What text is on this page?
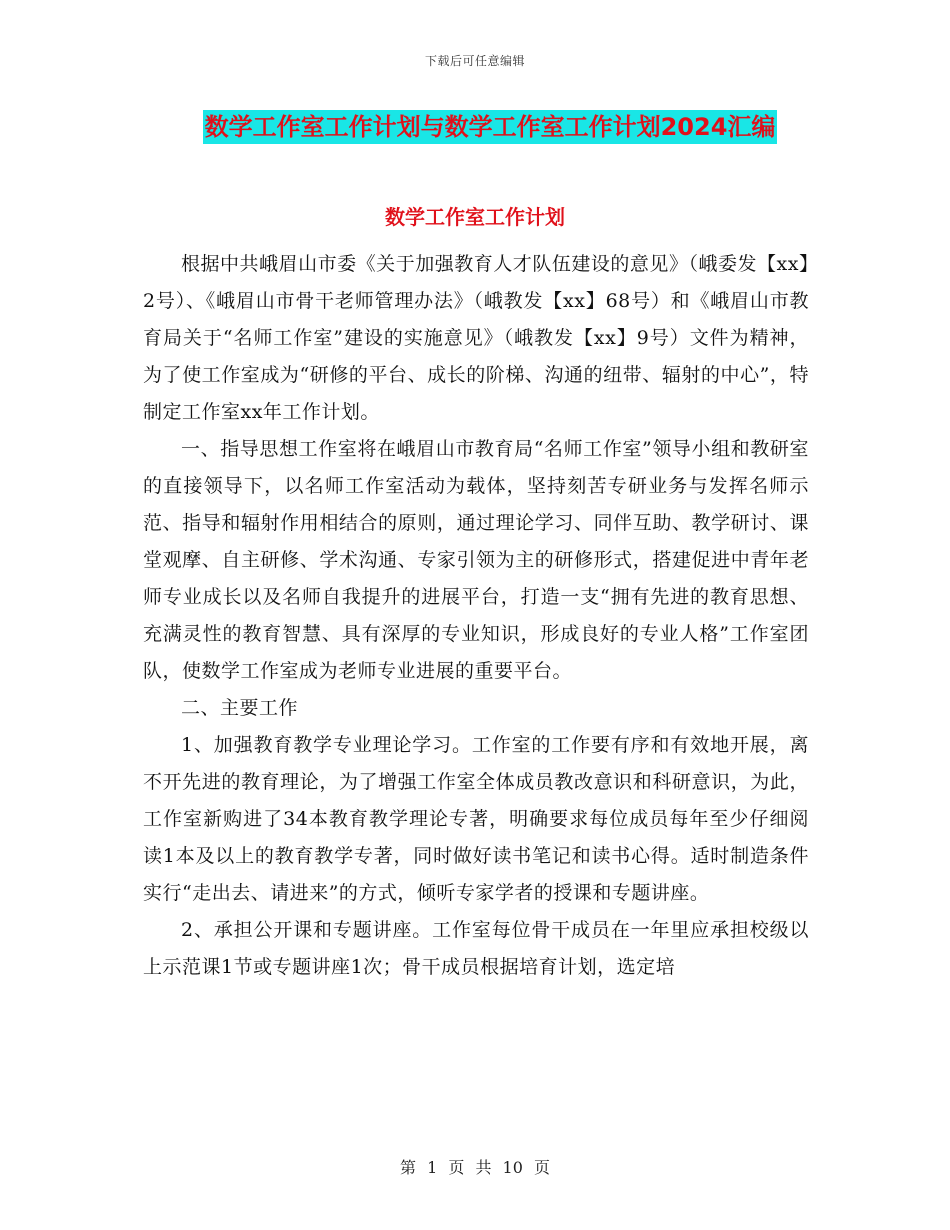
下载后可任意编辑
数学工作室工作计划与数学工作室工作计划2024汇编
数学工作室工作计划

根据中共峨眉山市委《关于加强教育人才队伍建设的意见》（峨委发【xx】2号）、《峨眉山市骨干老师管理办法》（峨教发【xx】68号）和《峨眉山市教育局关于“名师工作室”建设的实施意见》（峨教发【xx】9号）文件为精神，为了使工作室成为“研修的平台、成长的阶梯、沟通的纽带、辐射的中心”，特制定工作室xx年工作计划。

一、指导思想工作室将在峨眉山市教育局“名师工作室”领导小组和教研室的直接领导下，以名师工作室活动为载体，坚持刻苦专研业务与发挥名师示范、指导和辐射作用相结合的原则，通过理论学习、同伴互助、教学研讨、课堂观摩、自主研修、学术沟通、专家引领为主的研修形式，搭建促进中青年老师专业成长以及名师自我提升的进展平台，打造一支“拥有先进的教育思想、充满灵性的教育智慧、具有深厚的专业知识，形成良好的专业人格”工作室团队，使数学工作室成为老师专业进展的重要平台。

二、主要工作

1、加强教育教学专业理论学习。工作室的工作要有序和有效地开展，离不开先进的教育理论，为了增强工作室全体成员教改意识和科研意识，为此，工作室新购进了34本教育教学理论专著，明确要求每位成员每年至少仔细阅读1本及以上的教育教学专著，同时做好读书笔记和读书心得。适时制造条件实行“走出去、请进来”的方式，倾听专家学者的授课和专题讲座。

2、承担公开课和专题讲座。工作室每位骨干成员在一年里应承担校级以上示范课1节或专题讲座1次；骨干成员根据培育计划，选定培

第 1 页 共 10 页
